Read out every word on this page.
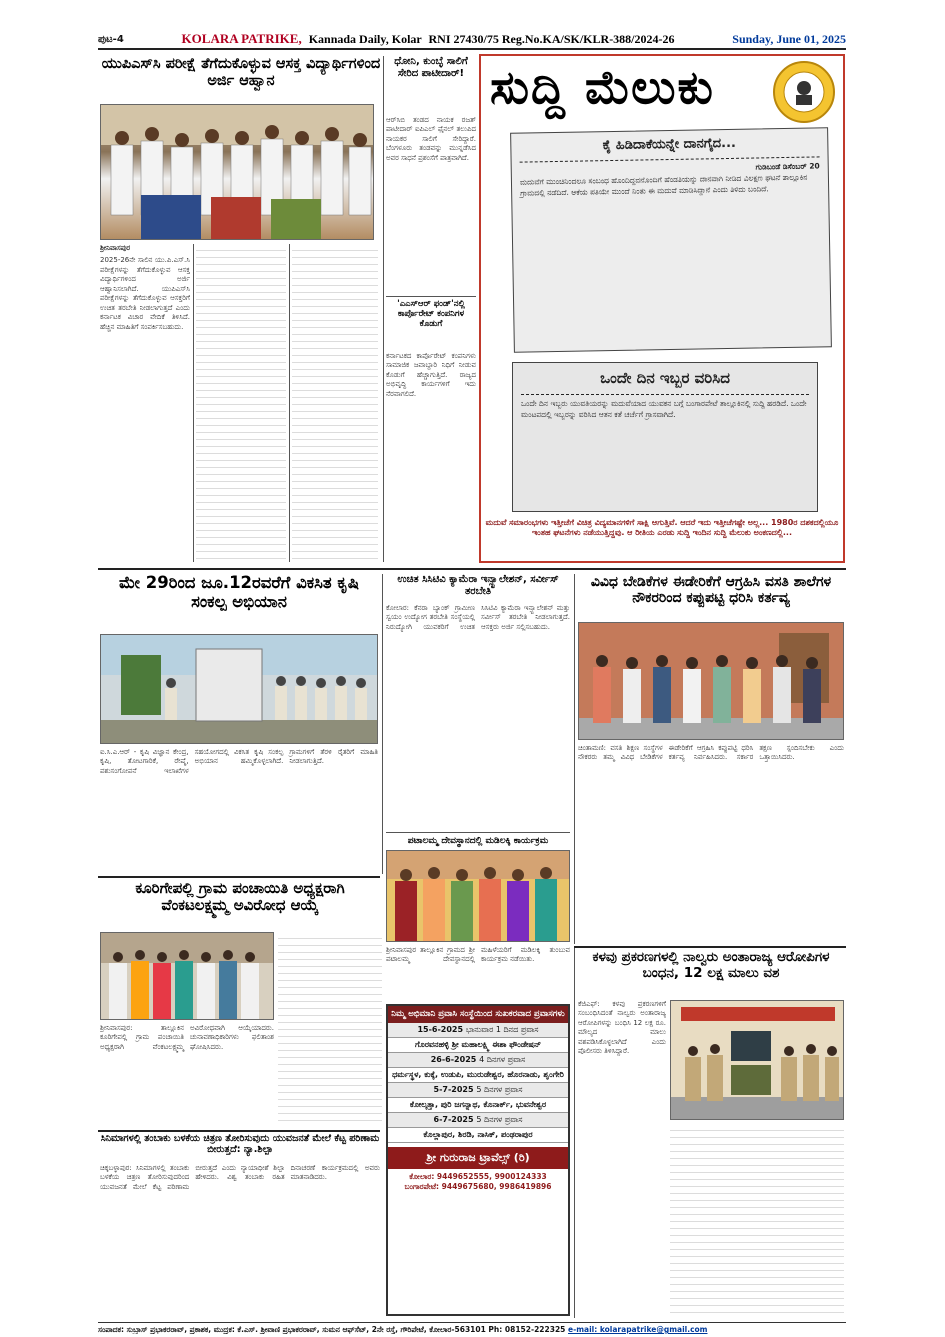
ಪುಟ-4	KOLARA PATRIKE, Kannada Daily, Kolar RNI 27430/75 Reg.No.KA/SK/KLR-388/2024-26	Sunday, June 01, 2025
ಯುಪಿಎಸ್‌ಸಿ ಪರೀಕ್ಷೆ ತೆಗೆದುಕೊಳ್ಳುವ ಆಸಕ್ತ ವಿದ್ಯಾರ್ಥಿಗಳಿಂದ ಅರ್ಜಿ ಆಹ್ವಾನ

ಶ್ರೀನಿವಾಸಪುರ

2025-26ನೇ ಸಾಲಿನ ಯು.ಪಿ.ಎಸ್.ಸಿ ಪರೀಕ್ಷೆಗಳನ್ನು ತೆಗೆದುಕೊಳ್ಳುವ ಆಸಕ್ತ ವಿದ್ಯಾರ್ಥಿಗಳಿಂದ ಅರ್ಜಿ ಆಹ್ವಾನಿಸಲಾಗಿದೆ. ಯುಪಿಎಸ್‌ಸಿ ಪರೀಕ್ಷೆಗಳನ್ನು ತೆಗೆದುಕೊಳ್ಳುವ ಆಸಕ್ತರಿಗೆ ಉಚಿತ ತರಬೇತಿ ನೀಡಲಾಗುತ್ತದೆ ಎಂದು ಕರ್ನಾಟಕ ವಿಚಾರ ವೇದಿಕೆ ತಿಳಿಸಿದೆ. ಹೆಚ್ಚಿನ ಮಾಹಿತಿಗೆ ಸಂಪರ್ಕಿಸಬಹುದು.

ಧೋನಿ, ಕುಂಬ್ಳೆ ಸಾಲಿಗೆ ಸೇರಿದ ಪಾಟೀದಾರ್!
ಆರ್‌ಸಿಬಿ ತಂಡದ ನಾಯಕ ರಜತ್ ಪಾಟೀದಾರ್ ಐಪಿಎಲ್ ಫೈನಲ್ ತಲುಪಿದ ನಾಯಕರ ಸಾಲಿಗೆ ಸೇರಿದ್ದಾರೆ. ಬೆಂಗಳೂರು ತಂಡವನ್ನು ಮುನ್ನಡೆಸಿದ ಅವರ ಸಾಧನೆ ಪ್ರಶಂಸೆಗೆ ಪಾತ್ರವಾಗಿದೆ.
'ಎಎಸ್‌ಆರ್ ಫಂಡ್'ನಲ್ಲಿ ಕಾರ್ಪೊರೇಟ್ ಕಂಪನಿಗಳ ಕೊಡುಗೆ
ಕರ್ನಾಟಕದ ಕಾರ್ಪೊರೇಟ್ ಕಂಪನಿಗಳು ಸಾಮಾಜಿಕ ಜವಾಬ್ದಾರಿ ನಿಧಿಗೆ ನೀಡುವ ಕೊಡುಗೆ ಹೆಚ್ಚಾಗುತ್ತಿದೆ. ರಾಜ್ಯದ ಅಭಿವೃದ್ಧಿ ಕಾರ್ಯಗಳಿಗೆ ಇದು ನೆರವಾಗಲಿದೆ.
ಸುದ್ದಿ ಮೆಲುಕು
ಕೈ ಹಿಡಿದಾಕೆಯನ್ನೇ ದಾನಗೈದ...
ಗುಡಿಬಂಡೆ ಡಿಸೆಂಬರ್ 20
ಮದುವೆಗೆ ಮುಂಚಿನಿಂದಲೂ ಸಂಬಂಧ ಹೊಂದಿದ್ದವನೊಂದಿಗೆ ಹೆಂಡತಿಯನ್ನು ದಾನವಾಗಿ ನೀಡಿದ ವಿಲಕ್ಷಣ ಘಟನೆ ತಾಲ್ಲೂಕಿನ ಗ್ರಾಮದಲ್ಲಿ ನಡೆದಿದೆ. ಆಕೆಯ ಪತಿಯೇ ಮುಂದೆ ನಿಂತು ಈ ಮದುವೆ ಮಾಡಿಸಿದ್ದಾನೆ ಎಂದು ತಿಳಿದು ಬಂದಿದೆ.
ಒಂದೇ ದಿನ ಇಬ್ಬರ ವರಿಸಿದ
ಒಂದೇ ದಿನ ಇಬ್ಬರು ಯುವತಿಯರನ್ನು ಮದುವೆಯಾದ ಯುವಕನ ಬಗ್ಗೆ ಬಂಗಾರಪೇಟೆ ತಾಲ್ಲೂಕಿನಲ್ಲಿ ಸುದ್ದಿ ಹರಡಿದೆ. ಒಂದೇ ಮಂಟಪದಲ್ಲಿ ಇಬ್ಬರನ್ನು ವರಿಸಿದ ಆತನ ಕತೆ ಚರ್ಚೆಗೆ ಗ್ರಾಸವಾಗಿದೆ.
ಮದುವೆ ಸಮಾರಂಭಗಳು ಇತ್ತೀಚೆಗೆ ವಿಚಿತ್ರ ವಿದ್ಯಮಾನಗಳಿಗೆ ಸಾಕ್ಷಿ ಆಗುತ್ತಿವೆ. ಆದರೆ ಇದು ಇತ್ತೀಚೆಗಷ್ಟೇ ಅಲ್ಲ... 1980ರ ದಶಕದಲ್ಲಿಯೂ ಇಂತಹ ಘಟನೆಗಳು ನಡೆಯುತ್ತಿದ್ದವು. ಆ ರೀತಿಯ ಎರಡು ಸುದ್ದಿ ಇಂದಿನ ಸುದ್ದಿ ಮೆಲುಕು ಅಂಕಣದಲ್ಲಿ...
ಮೇ 29ರಿಂದ ಜೂ.12ರವರೆಗೆ ವಿಕಸಿತ ಕೃಷಿ ಸಂಕಲ್ಪ ಅಭಿಯಾನ
ಐ.ಸಿ.ಎ.ಆರ್ - ಕೃಷಿ ವಿಜ್ಞಾನ ಕೇಂದ್ರ, ಕೃಷಿ, ತೋಟಗಾರಿಕೆ, ರೇಷ್ಮೆ, ಪಶುಸಂಗೋಪನೆ ಇಲಾಖೆಗಳ ಸಹಯೋಗದಲ್ಲಿ ವಿಕಸಿತ ಕೃಷಿ ಸಂಕಲ್ಪ ಅಭಿಯಾನ ಹಮ್ಮಿಕೊಳ್ಳಲಾಗಿದೆ. ಗ್ರಾಮಗಳಿಗೆ ತೆರಳಿ ರೈತರಿಗೆ ಮಾಹಿತಿ ನೀಡಲಾಗುತ್ತಿದೆ.
ಉಚಿತ ಸಿಸಿಟಿವಿ ಕ್ಯಾಮೆರಾ ಇನ್ಸ್ಟಾಲೇಶನ್, ಸರ್ವೀಸ್ ತರಬೇತಿ
ಕೋಲಾರ: ಕೆನರಾ ಬ್ಯಾಂಕ್ ಗ್ರಾಮೀಣ ಸ್ವಯಂ ಉದ್ಯೋಗ ತರಬೇತಿ ಸಂಸ್ಥೆಯಲ್ಲಿ ನಿರುದ್ಯೋಗಿ ಯುವಕರಿಗೆ ಉಚಿತ ಸಿಸಿಟಿವಿ ಕ್ಯಾಮೆರಾ ಇನ್ಸ್ಟಾಲೇಶನ್ ಮತ್ತು ಸರ್ವೀಸ್ ತರಬೇತಿ ನೀಡಲಾಗುತ್ತದೆ. ಆಸಕ್ತರು ಅರ್ಜಿ ಸಲ್ಲಿಸಬಹುದು.
ಪಟಾಲಮ್ಮ ದೇವಸ್ಥಾನದಲ್ಲಿ ಮಡಿಲಕ್ಕಿ ಕಾರ್ಯಕ್ರಮ
ಶ್ರೀನಿವಾಸಪುರ ತಾಲ್ಲೂಕಿನ ಗ್ರಾಮದ ಶ್ರೀ ಪಟಾಲಮ್ಮ ದೇವಸ್ಥಾನದಲ್ಲಿ ಮಹಿಳೆಯರಿಗೆ ಮಡಿಲಕ್ಕಿ ತುಂಬುವ ಕಾರ್ಯಕ್ರಮ ನಡೆಯಿತು.
ವಿವಿಧ ಬೇಡಿಕೆಗಳ ಈಡೇರಿಕೆಗೆ ಆಗ್ರಹಿಸಿ ವಸತಿ ಶಾಲೆಗಳ ನೌಕರರಿಂದ ಕಪ್ಪುಪಟ್ಟಿ ಧರಿಸಿ ಕರ್ತವ್ಯ
ಚಿಂತಾಮಣಿ: ವಸತಿ ಶಿಕ್ಷಣ ಸಂಸ್ಥೆಗಳ ನೌಕರರು ತಮ್ಮ ವಿವಿಧ ಬೇಡಿಕೆಗಳ ಈಡೇರಿಕೆಗೆ ಆಗ್ರಹಿಸಿ ಕಪ್ಪುಪಟ್ಟಿ ಧರಿಸಿ ಕರ್ತವ್ಯ ನಿರ್ವಹಿಸಿದರು. ಸರ್ಕಾರ ತಕ್ಷಣ ಸ್ಪಂದಿಸಬೇಕು ಎಂದು ಒತ್ತಾಯಿಸಿದರು.
ಕೂರಿಗೇಪಲ್ಲಿ ಗ್ರಾಮ ಪಂಚಾಯಿತಿ ಅಧ್ಯಕ್ಷರಾಗಿ ವೆಂಕಟಲಕ್ಷ್ಮಮ್ಮ ಅವಿರೋಧ ಆಯ್ಕೆ
ಶ್ರೀನಿವಾಸಪುರ: ತಾಲ್ಲೂಕಿನ ಕೂರಿಗೇಪಲ್ಲಿ ಗ್ರಾಮ ಪಂಚಾಯಿತಿ ಅಧ್ಯಕ್ಷರಾಗಿ ವೆಂಕಟಲಕ್ಷ್ಮಮ್ಮ ಅವಿರೋಧವಾಗಿ ಆಯ್ಕೆಯಾದರು. ಚುನಾವಣಾಧಿಕಾರಿಗಳು ಫಲಿತಾಂಶ ಘೋಷಿಸಿದರು.
ಸಿನಿಮಾಗಳಲ್ಲಿ ತಂಬಾಕು ಬಳಕೆಯ ಚಿತ್ರಣ ತೋರಿಸುವುದು ಯುವಜನತೆ ಮೇಲೆ ಕೆಟ್ಟ ಪರಿಣಾಮ ಬೀರುತ್ತದೆ: ನ್ಯಾ.ಶಿಲ್ಪಾ
ಚಿಕ್ಕಬಳ್ಳಾಪುರ: ಸಿನಿಮಾಗಳಲ್ಲಿ ತಂಬಾಕು ಬಳಕೆಯ ಚಿತ್ರಣ ತೋರಿಸುವುದರಿಂದ ಯುವಜನತೆ ಮೇಲೆ ಕೆಟ್ಟ ಪರಿಣಾಮ ಬೀರುತ್ತದೆ ಎಂದು ನ್ಯಾಯಾಧೀಶೆ ಶಿಲ್ಪಾ ಹೇಳಿದರು. ವಿಶ್ವ ತಂಬಾಕು ರಹಿತ ದಿನಾಚರಣೆ ಕಾರ್ಯಕ್ರಮದಲ್ಲಿ ಅವರು ಮಾತನಾಡಿದರು.
ನಿಮ್ಮ ಅಭಿಮಾನಿ ಪ್ರವಾಸಿ ಸಂಸ್ಥೆಯಿಂದ ಸುಖಕರವಾದ ಪ್ರವಾಸಗಳು
15-6-2025 ಭಾನುವಾರ 1 ದಿನದ ಪ್ರವಾಸ
ಗೊರವನಹಳ್ಳಿ ಶ್ರೀ ಮಹಾಲಕ್ಷ್ಮಿ ಈಶಾ ಫೌಂಡೇಷನ್
26-6-2025 4 ದಿನಗಳ ಪ್ರವಾಸ
ಧರ್ಮಸ್ಥಳ, ಕುಕ್ಕೆ, ಉಡುಪಿ, ಮುರುಡೇಶ್ವರ, ಹೊರನಾಡು, ಶೃಂಗೇರಿ
5-7-2025 5 ದಿನಗಳ ಪ್ರವಾಸ
ಕೋಲ್ಕತ್ತಾ, ಪುರಿ ಜಗನ್ನಾಥ, ಕೊನಾರ್ಕ್, ಭುವನೇಶ್ವರ
6-7-2025 5 ದಿನಗಳ ಪ್ರವಾಸ
ಕೊಲ್ಲಾಪುರ, ಶಿರಡಿ, ನಾಸಿಕ್, ಪಂಢರಾಪುರ
ಶ್ರೀ ಗುರುರಾಜ ಟ್ರಾವೆಲ್ಸ್ (ರಿ)
ಕೋಲಾರ: 9449652555, 9900124333 ಬಂಗಾರಪೇಟೆ: 9449675680, 9986419896
ಕಳವು ಪ್ರಕರಣಗಳಲ್ಲಿ ನಾಲ್ವರು ಅಂತಾರಾಜ್ಯ ಆರೋಪಿಗಳ ಬಂಧನ, 12 ಲಕ್ಷ ಮಾಲು ವಶ
ಕೆಜಿಎಫ್: ಕಳವು ಪ್ರಕರಣಗಳಿಗೆ ಸಂಬಂಧಿಸಿದಂತೆ ನಾಲ್ವರು ಅಂತಾರಾಜ್ಯ ಆರೋಪಿಗಳನ್ನು ಬಂಧಿಸಿ 12 ಲಕ್ಷ ರೂ. ಮೌಲ್ಯದ ಮಾಲು ವಶಪಡಿಸಿಕೊಳ್ಳಲಾಗಿದೆ ಎಂದು ಪೊಲೀಸರು ತಿಳಿಸಿದ್ದಾರೆ.
ಸಂಪಾದಕ: ಸುಬ್ರಾಸ್ ಪ್ರಭಾಕರರಾವ್, ಪ್ರಕಾಶಕ, ಮುದ್ರಕ: ಕೆ.ಎಸ್. ಶ್ರೀವಾಣಿ ಪ್ರಭಾಕರರಾವ್, ಸುಮನ ಆಫ್‌ಸೆಟ್, 2ನೇ ರಸ್ತೆ, ಗೌರಿಪೇಟೆ, ಕೋಲಾರ-563101 Ph: 08152-222325 e-mail: kolarapatrike@gmail.com
